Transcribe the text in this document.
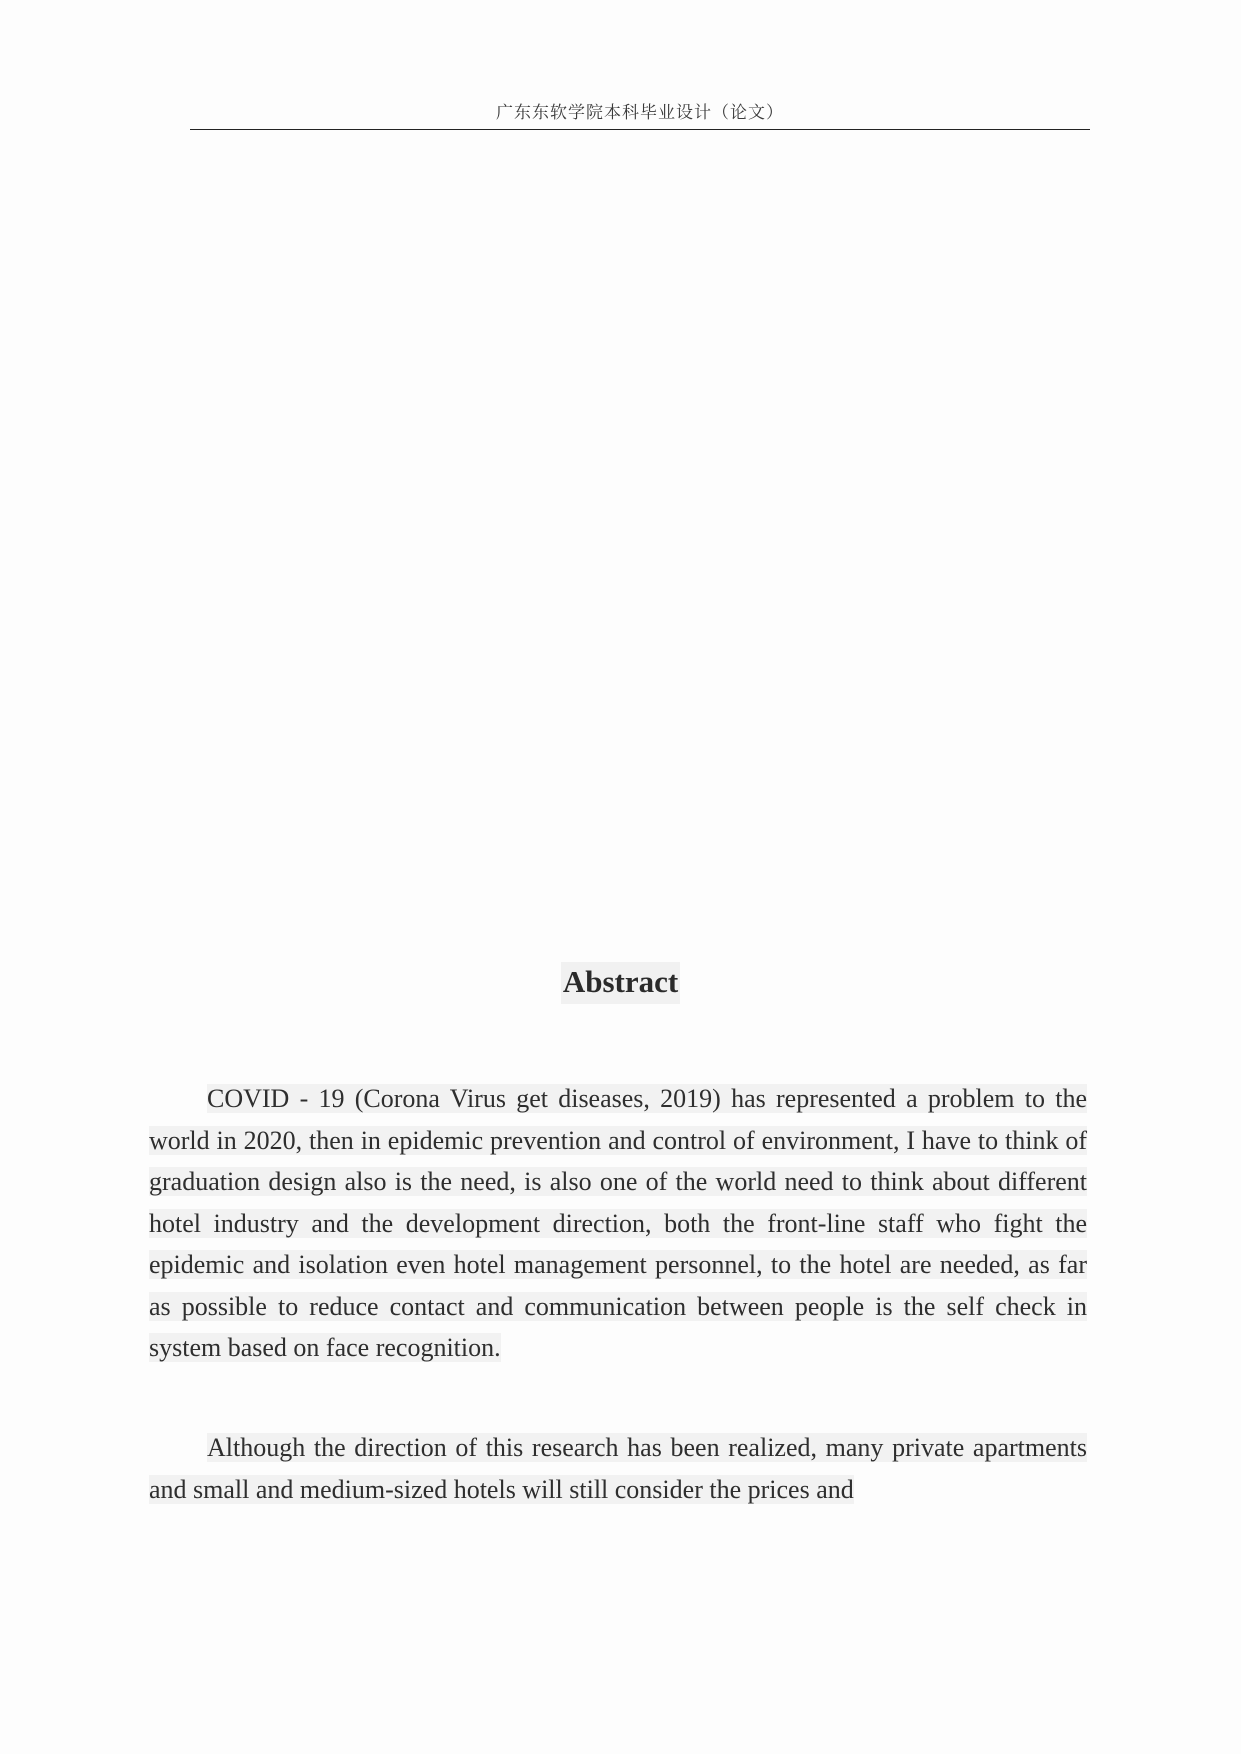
广东东软学院本科毕业设计（论文）
Abstract

COVID - 19 (Corona Virus get diseases, 2019) has represented a problem to the world in 2020, then in epidemic prevention and control of environment, I have to think of graduation design also is the need, is also one of the world need to think about different hotel industry and the development direction, both the front-line staff who fight the epidemic and isolation even hotel management personnel, to the hotel are needed, as far as possible to reduce contact and communication between people is the self check in system based on face recognition.

Although the direction of this research has been realized, many private apartments and small and medium-sized hotels will still consider the prices and
